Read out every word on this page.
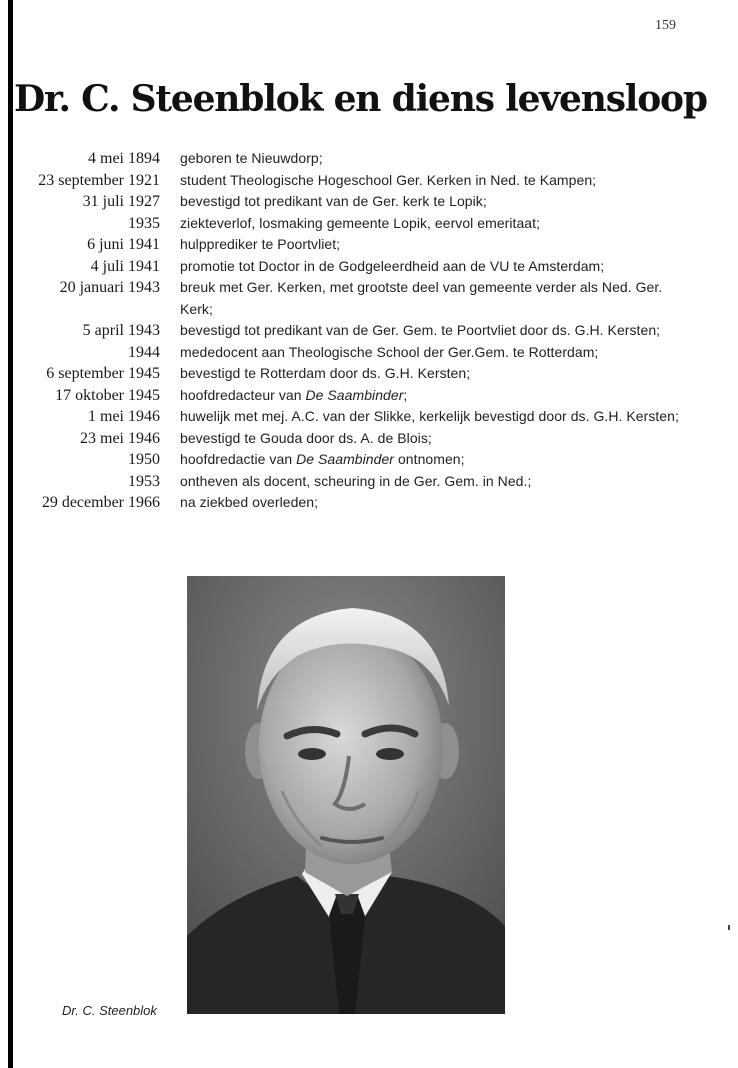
159
Dr. C. Steenblok en diens levensloop
4 mei 1894 geboren te Nieuwdorp;
23 september 1921 student Theologische Hogeschool Ger. Kerken in Ned. te Kampen;
31 juli 1927 bevestigd tot predikant van de Ger. kerk te Lopik;
1935 ziekteverlof, losmaking gemeente Lopik, eervol emeritaat;
6 juni 1941 hulpprediker te Poortvliet;
4 juli 1941 promotie tot Doctor in de Godgeleerdheid aan de VU te Amsterdam;
20 januari 1943 breuk met Ger. Kerken, met grootste deel van gemeente verder als Ned. Ger. Kerk;
5 april 1943 bevestigd tot predikant van de Ger. Gem. te Poortvliet door ds. G.H. Kersten;
1944 mededocent aan Theologische School der Ger.Gem. te Rotterdam;
6 september 1945 bevestigd te Rotterdam door ds. G.H. Kersten;
17 oktober 1945 hoofdredacteur van De Saambinder;
1 mei 1946 huwelijk met mej. A.C. van der Slikke, kerkelijk bevestigd door ds. G.H. Kersten;
23 mei 1946 bevestigd te Gouda door ds. A. de Blois;
1950 hoofdredactie van De Saambinder ontnomen;
1953 ontheven als docent, scheuring in de Ger. Gem. in Ned.;
29 december 1966 na ziekbed overleden;
Dr. C. Steenblok
